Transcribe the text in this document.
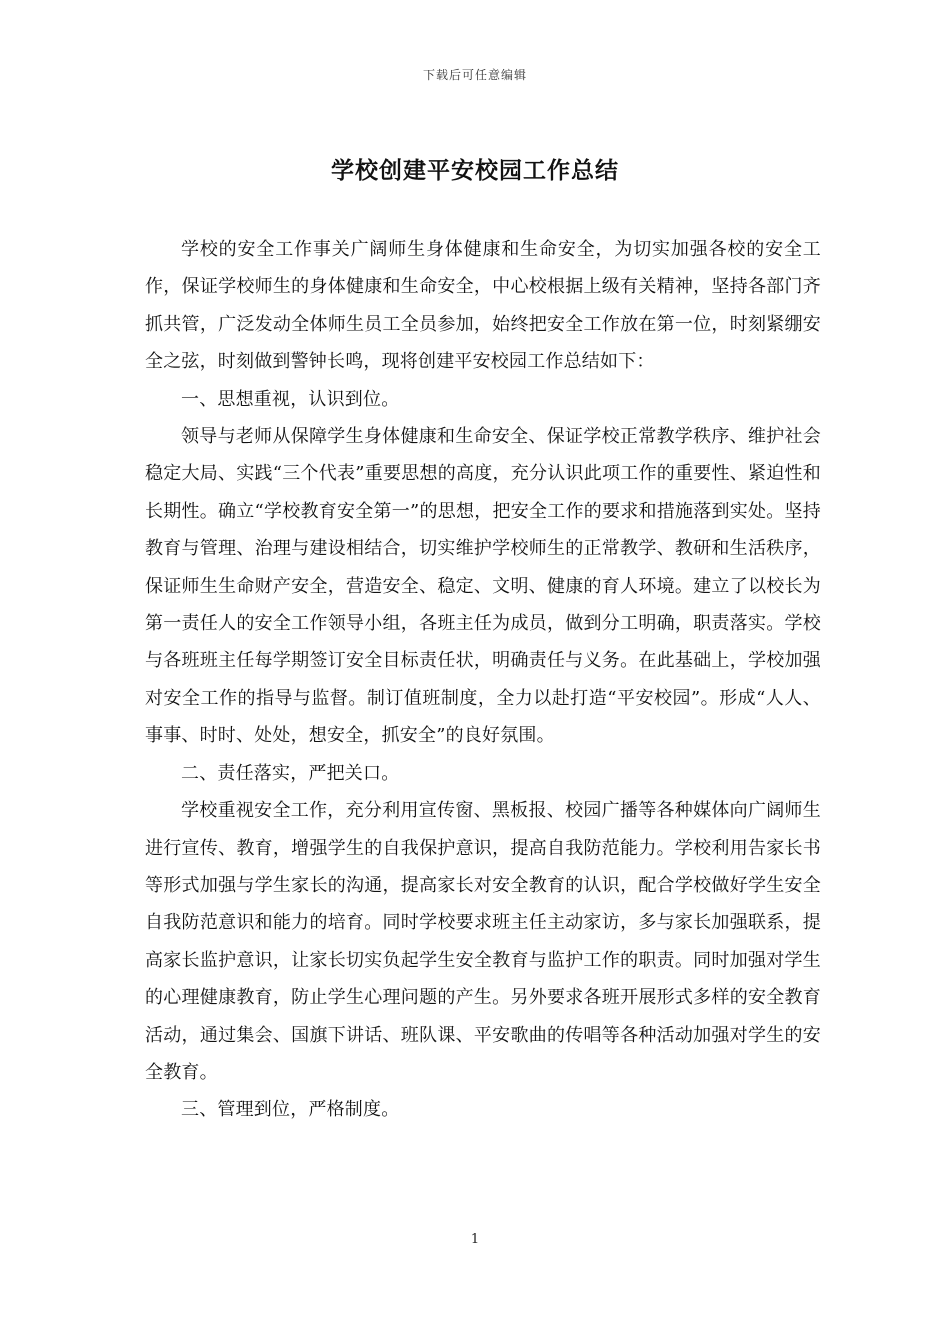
下载后可任意编辑
学校创建平安校园工作总结

学校的安全工作事关广阔师生身体健康和生命安全，为切实加强各校的安全工作，保证学校师生的身体健康和生命安全，中心校根据上级有关精神，坚持各部门齐抓共管，广泛发动全体师生员工全员参加，始终把安全工作放在第一位，时刻紧绷安全之弦，时刻做到警钟长鸣，现将创建平安校园工作总结如下：

一、思想重视，认识到位。

领导与老师从保障学生身体健康和生命安全、保证学校正常教学秩序、维护社会稳定大局、实践“三个代表”重要思想的高度，充分认识此项工作的重要性、紧迫性和长期性。确立“学校教育安全第一”的思想，把安全工作的要求和措施落到实处。坚持教育与管理、治理与建设相结合，切实维护学校师生的正常教学、教研和生活秩序，保证师生生命财产安全，营造安全、稳定、文明、健康的育人环境。建立了以校长为第一责任人的安全工作领导小组，各班主任为成员，做到分工明确，职责落实。学校与各班班主任每学期签订安全目标责任状，明确责任与义务。在此基础上，学校加强对安全工作的指导与监督。制订值班制度，全力以赴打造“平安校园”。形成“人人、事事、时时、处处，想安全，抓安全”的良好氛围。

二、责任落实，严把关口。

学校重视安全工作，充分利用宣传窗、黑板报、校园广播等各种媒体向广阔师生进行宣传、教育，增强学生的自我保护意识，提高自我防范能力。学校利用告家长书等形式加强与学生家长的沟通，提高家长对安全教育的认识，配合学校做好学生安全自我防范意识和能力的培育。同时学校要求班主任主动家访，多与家长加强联系，提高家长监护意识，让家长切实负起学生安全教育与监护工作的职责。同时加强对学生的心理健康教育，防止学生心理问题的产生。另外要求各班开展形式多样的安全教育活动，通过集会、国旗下讲话、班队课、平安歌曲的传唱等各种活动加强对学生的安全教育。

三、管理到位，严格制度。

1
